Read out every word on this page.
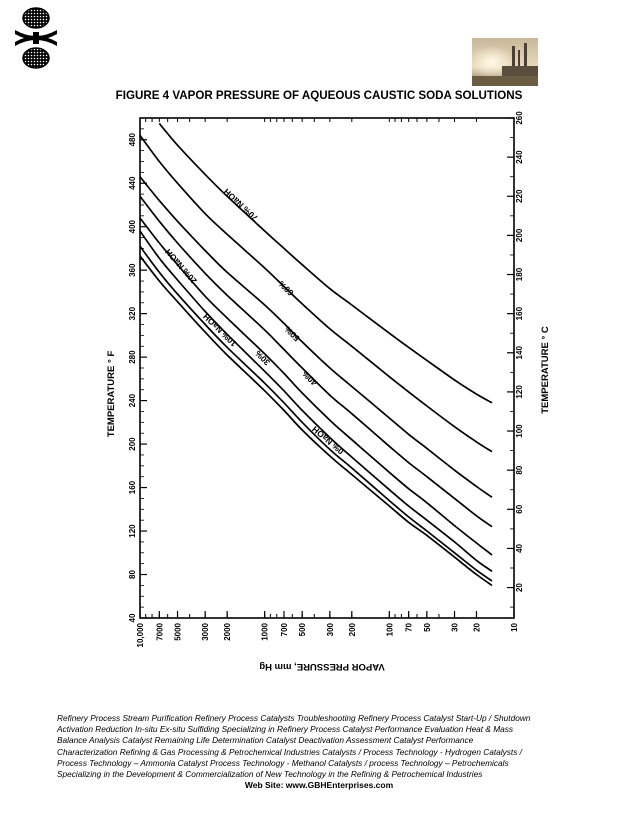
FIGURE 4 VAPOR PRESSURE OF AQUEOUS CAUSTIC SODA SOLUTIONS
10,000 7000 5000 3000 2000	1000 700 500 300 200	100 70 50 30 20	10
40
80
120
160
200
240
280
320
360
400
440
480
20
40
60
80
100
120
140
160
180
200
220
240
260
0% NaOH
10% NaOH
20% NaOH
30%
40%
50%
60%
70% NaOH
VAPOR PRESSURE, mm Hg
TEMPERATURE ° F	TEMPERATURE ° C
Refinery Process Stream Purification Refinery Process Catalysts Troubleshooting Refinery Process Catalyst Start-Up / Shutdown
Activation Reduction In-situ Ex-situ Sulfiding Specializing in Refinery Process Catalyst Performance Evaluation Heat & Mass
Balance Analysis Catalyst Remaining Life Determination Catalyst Deactivation Assessment Catalyst Performance
Characterization Refining & Gas Processing & Petrochemical Industries Catalysts / Process Technology - Hydrogen Catalysts /
Process Technology – Ammonia Catalyst Process Technology - Methanol Catalysts / process Technology – Petrochemicals
Specializing in the Development & Commercialization of New Technology in the Refining & Petrochemical Industries
Web Site: www.GBHEnterprises.com
